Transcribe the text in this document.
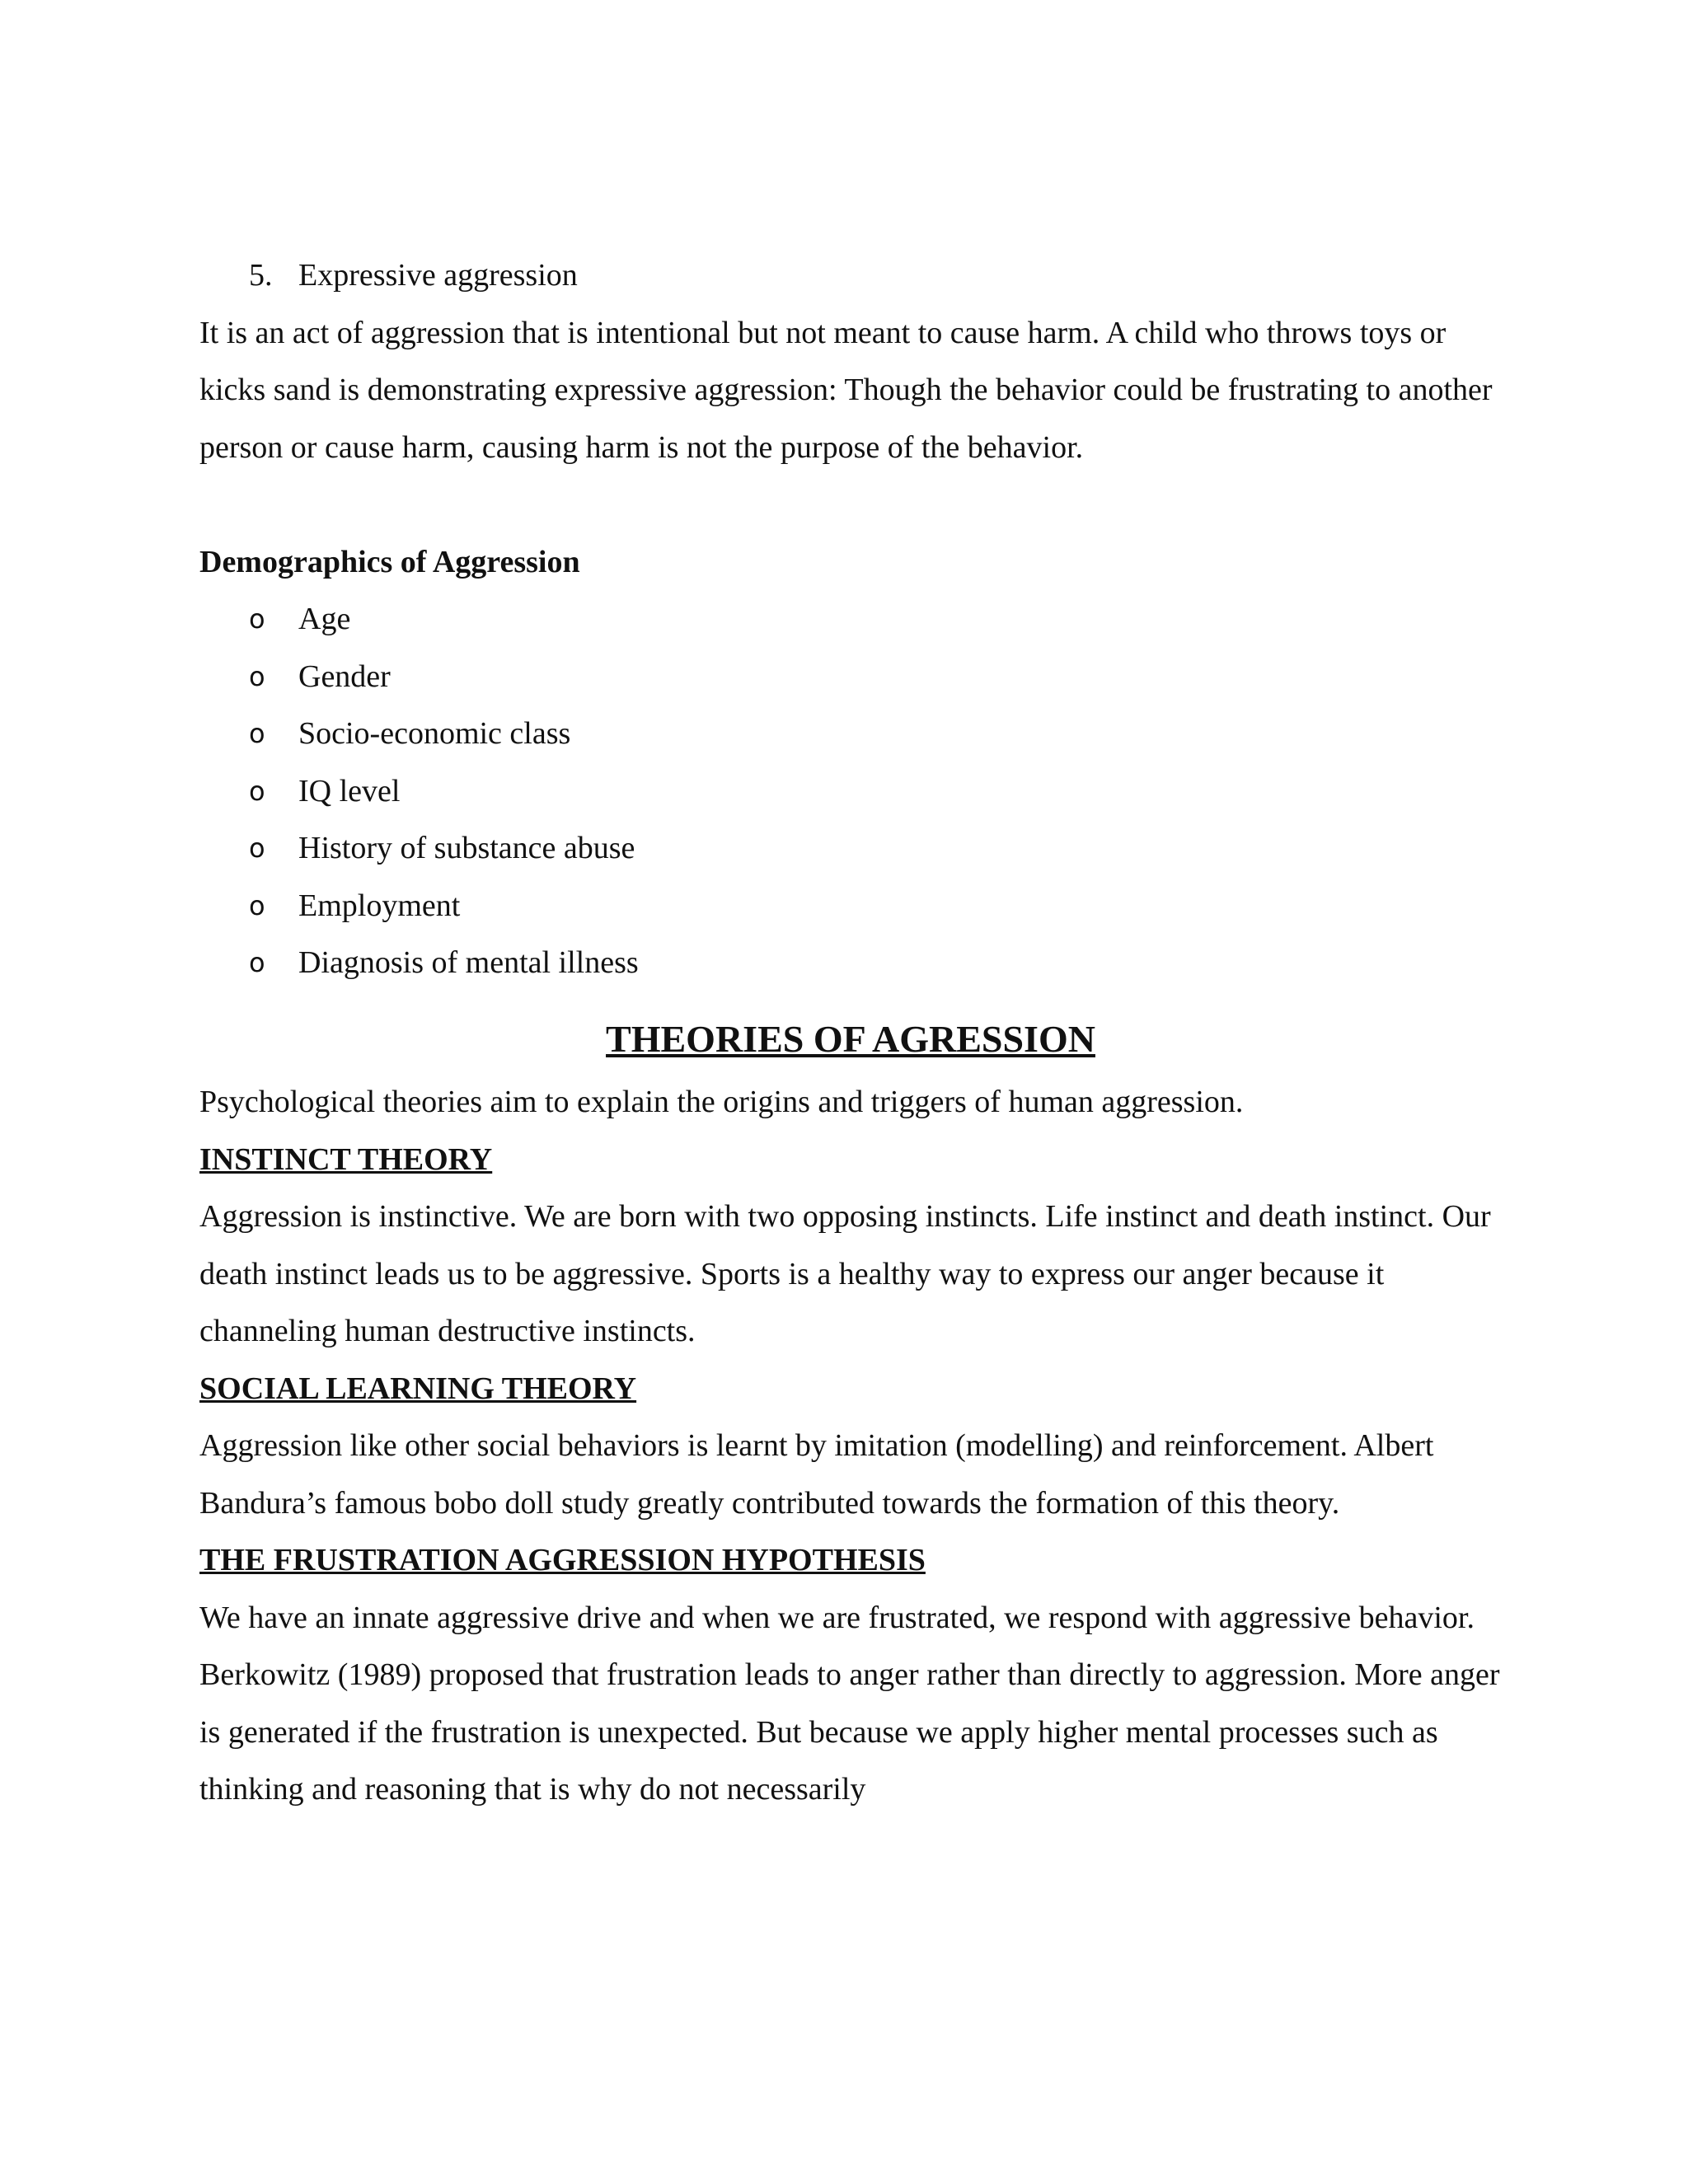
5. Expressive aggression

It is an act of aggression that is intentional but not meant to cause harm. A child who throws toys or kicks sand is demonstrating expressive aggression: Though the behavior could be frustrating to another person or cause harm, causing harm is not the purpose of the behavior.

Demographics of Aggression
o	Age
o	Gender
o	Socio-economic class
o	IQ level
o	History of substance abuse
o	Employment
o	Diagnosis of mental illness
THEORIES OF AGRESSION

Psychological theories aim to explain the origins and triggers of human aggression.

INSTINCT THEORY

Aggression is instinctive. We are born with two opposing instincts. Life instinct and death instinct. Our death instinct leads us to be aggressive. Sports is a healthy way to express our anger because it channeling human destructive instincts.

SOCIAL LEARNING THEORY

Aggression like other social behaviors is learnt by imitation (modelling) and reinforcement. Albert Bandura’s famous bobo doll study greatly contributed towards the formation of this theory.

THE FRUSTRATION AGGRESSION HYPOTHESIS

We have an innate aggressive drive and when we are frustrated, we respond with aggressive behavior. Berkowitz (1989) proposed that frustration leads to anger rather than directly to aggression. More anger is generated if the frustration is unexpected. But because we apply higher mental processes such as thinking and reasoning that is why do not necessarily
